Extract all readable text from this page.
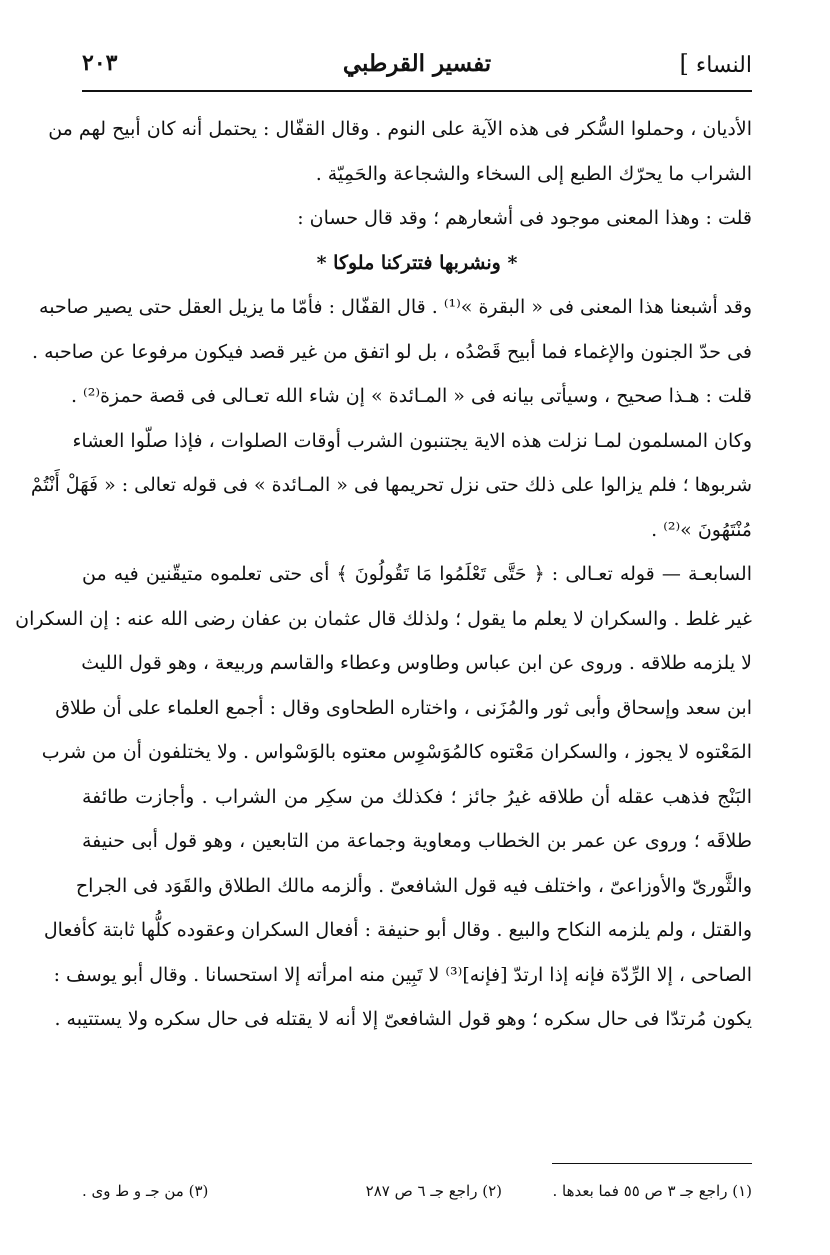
النساء ]
تفسير القرطبي
٢٠٣
الأديان ، وحملوا السُّكر فى هذه الآية على النوم . وقال القفّال : يحتمل أنه كان أبيح لهم من
الشراب ما يحرّك الطبع إلى السخاء والشجاعة والحَمِيّة .
قلت : وهذا المعنى موجود فى أشعارهم ؛ وقد قال حسان :
* ونشربها فتتركنا ملوكا *
وقد أشبعنا هذا المعنى فى « البقرة »⁽¹⁾ . قال القفّال : فأمّا ما يزيل العقل حتى يصير صاحبه
فى حدّ الجنون والإغماء فما أبيح قَصْدُه ، بل لو اتفق من غير قصد فيكون مرفوعا عن صاحبه .
قلت : هـذا صحيح ، وسيأتى بيانه فى « المـائدة » إن شاء الله تعـالى فى قصة حمزة⁽²⁾ .
وكان المسلمون لمـا نزلت هذه الاية يجتنبون الشرب أوقات الصلوات ، فإذا صلّوا العشاء
شربوها ؛ فلم يزالوا على ذلك حتى نزل تحريمها فى « المـائدة » فى قوله تعالى : « فَهَلْ أَنْتُمْ
مُنْتَهُونَ »⁽²⁾ .
السابعـة — قوله تعـالى : ﴿ حَتَّى تَعْلَمُوا مَا تَقُولُونَ ﴾ أى حتى تعلموه متيقّنين فيه من
غير غلط . والسكران لا يعلم ما يقول ؛ ولذلك قال عثمان بن عفان رضى الله عنه : إن السكران
لا يلزمه طلاقه . وروى عن ابن عباس وطاوس وعطاء والقاسم وربيعة ، وهو قول الليث
ابن سعد وإسحاق وأبى ثور والمُزَنى ، واختاره الطحاوى وقال : أجمع العلماء على أن طلاق
المَعْتوه لا يجوز ، والسكران مَعْتوه كالمُوَسْوِس معتوه بالوَسْواس . ولا يختلفون أن من شرب
البَنْج فذهب عقله أن طلاقه غيرُ جائز ؛ فكذلك من سكِر من الشراب . وأجازت طائفة
طلاقَه ؛ وروى عن عمر بن الخطاب ومعاوية وجماعة من التابعين ، وهو قول أبى حنيفة
والثَّورىّ والأوزاعىّ ، واختلف فيه قول الشافعىّ . وألزمه مالك الطلاق والقَوَد فى الجراح
والقتل ، ولم يلزمه النكاح والبيع . وقال أبو حنيفة : أفعال السكران وعقوده كلُّها ثابتة كأفعال
الصاحى ، إلا الرِّدّة فإنه إذا ارتدّ [فإنه]⁽³⁾ لا تَبِين منه امرأته إلا استحسانا . وقال أبو يوسف :
يكون مُرتدّا فى حال سكره ؛ وهو قول الشافعىّ إلا أنه لا يقتله فى حال سكره ولا يستتيبه .
(١) راجع جـ ٣ ص ٥٥ فما بعدها .
(٢) راجع جـ ٦ ص ٢٨٧
(٣) من جـ و ط وى .
